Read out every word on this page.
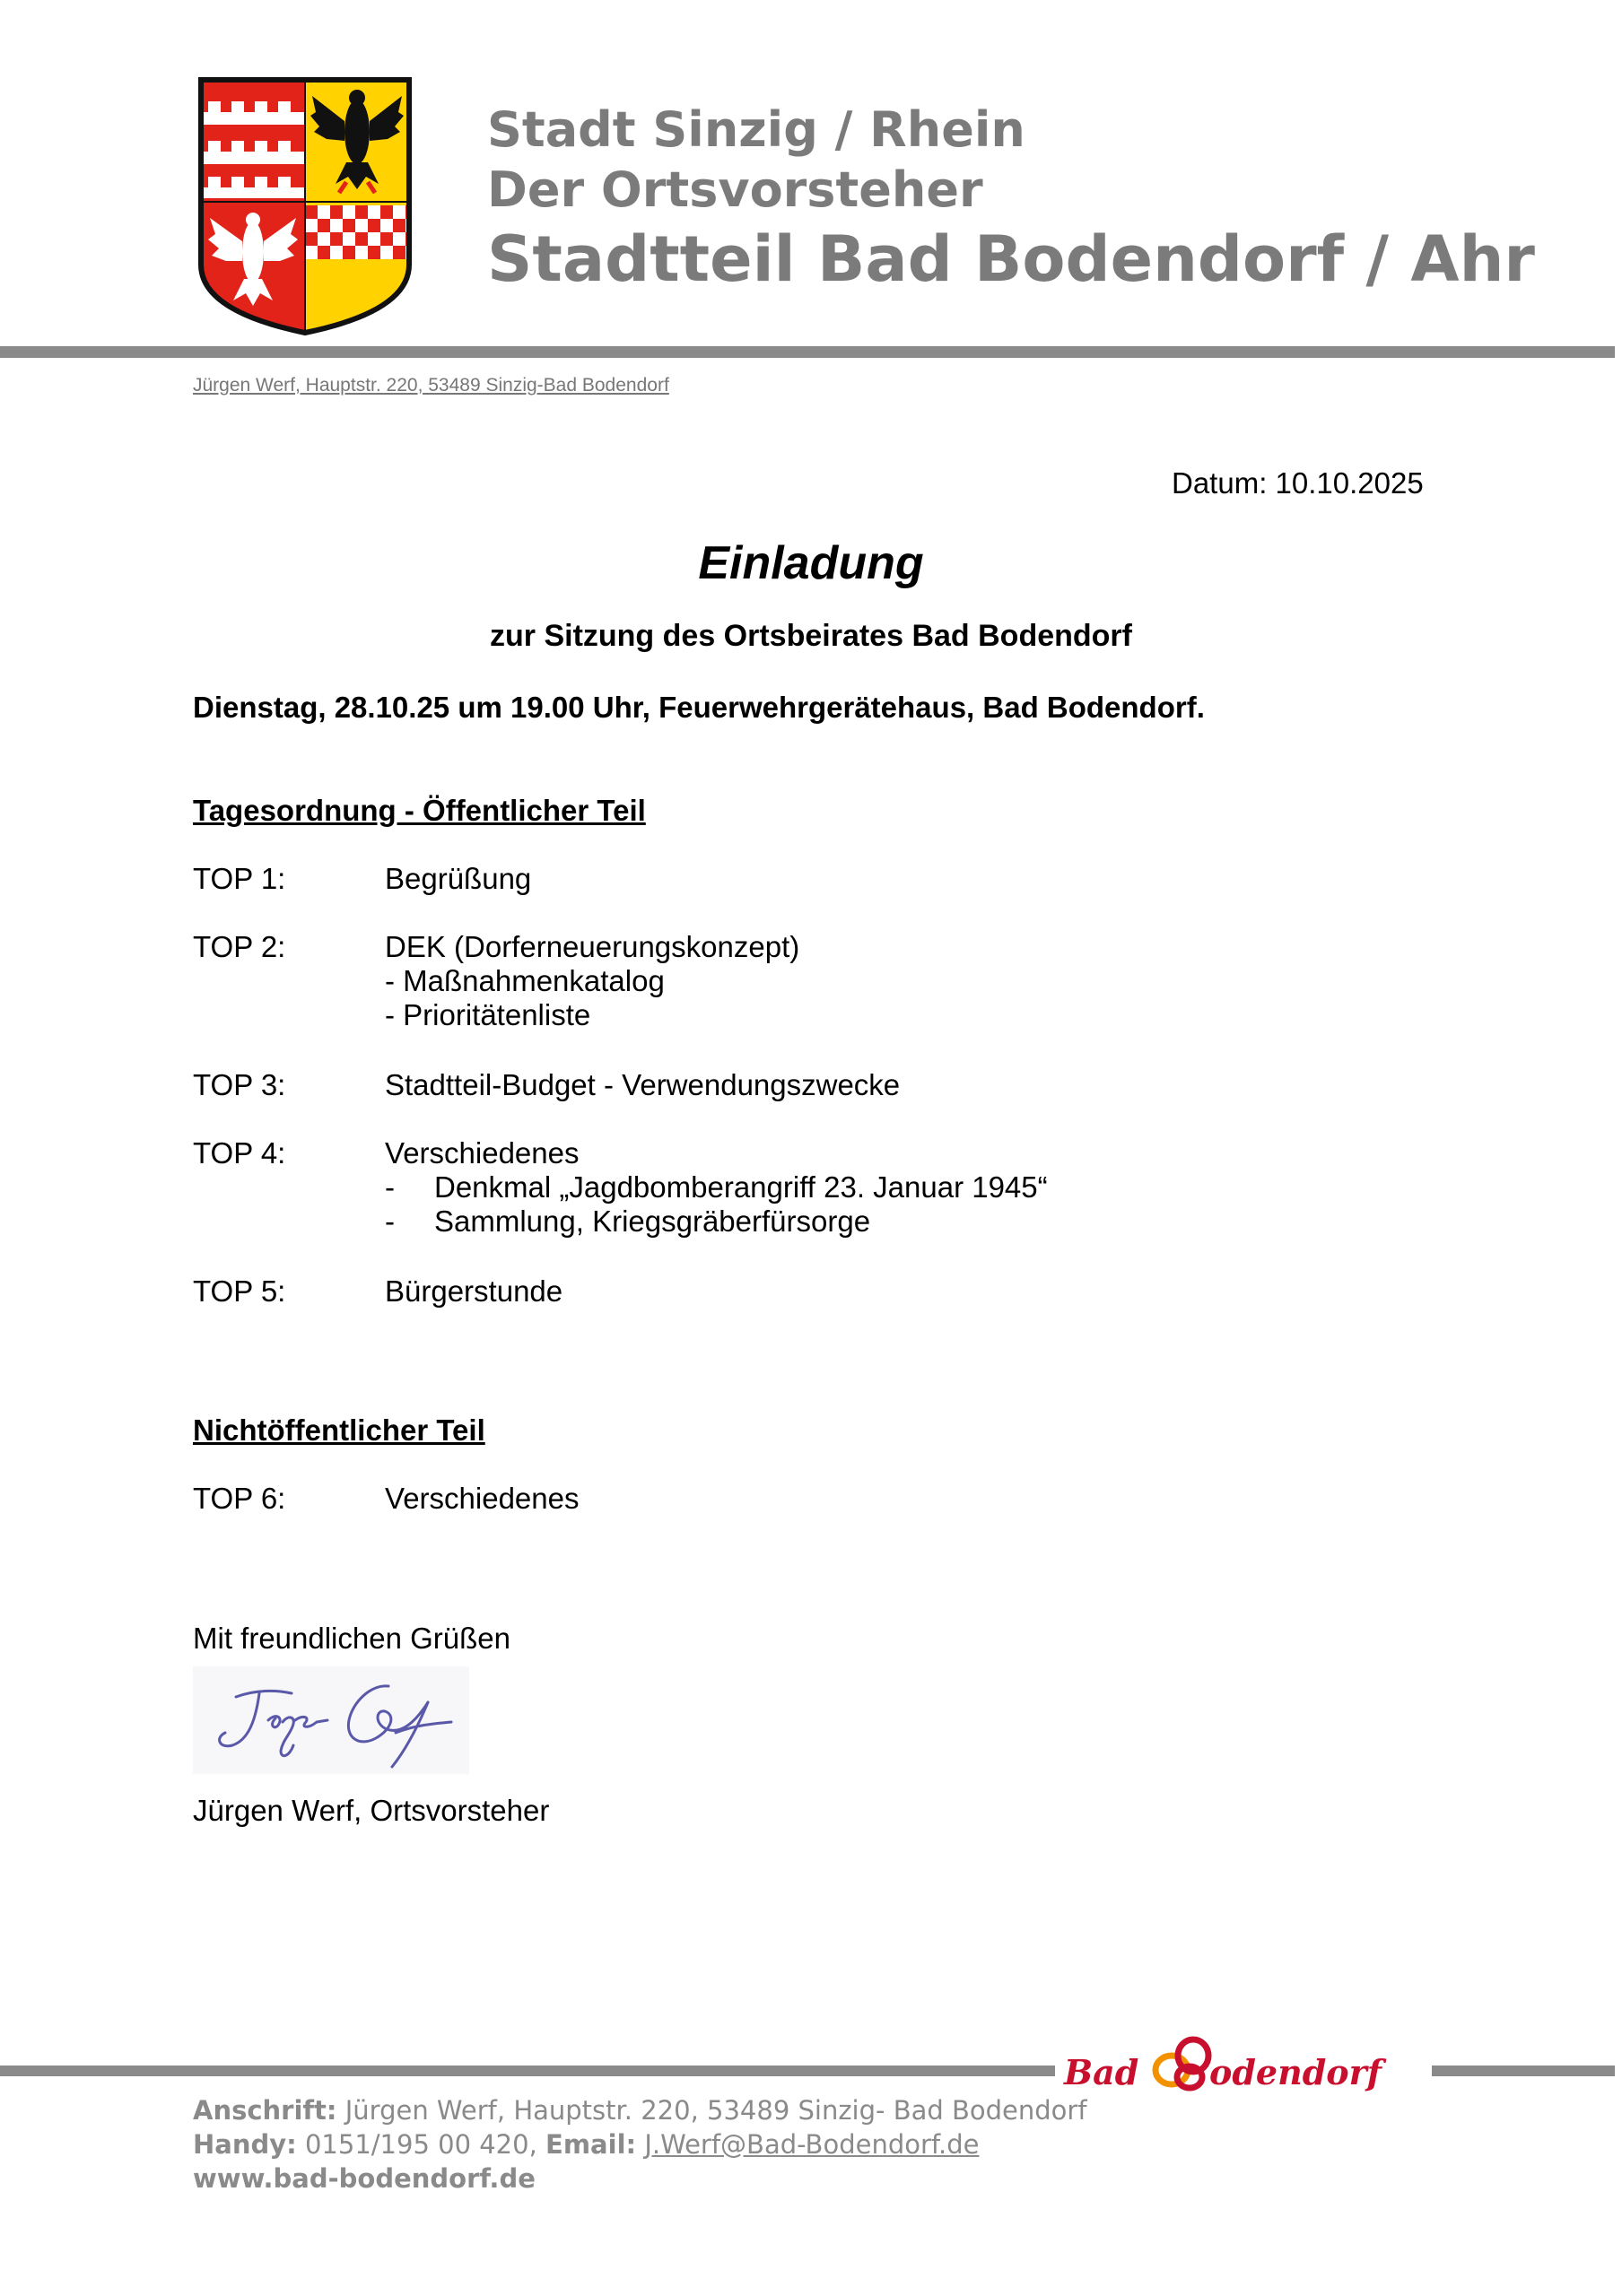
Stadt Sinzig / Rhein
Der Ortsvorsteher
Stadtteil Bad Bodendorf / Ahr
Jürgen Werf, Hauptstr. 220, 53489 Sinzig-Bad Bodendorf
Datum: 10.10.2025
Einladung
zur Sitzung des Ortsbeirates Bad Bodendorf
Dienstag, 28.10.25 um 19.00 Uhr, Feuerwehrgerätehaus, Bad Bodendorf.
Tagesordnung - Öffentlicher Teil
TOP 1:	Begrüßung
TOP 2:	DEK (Dorferneuerungskonzept)
- Maßnahmenkatalog
- Prioritätenliste
TOP 3:	Stadtteil-Budget - Verwendungszwecke
TOP 4:	Verschiedenes
- Denkmal „Jagdbomberangriff 23. Januar 1945“
- Sammlung, Kriegsgräberfürsorge
TOP 5:	Bürgerstunde
Nichtöffentlicher Teil
TOP 6:	Verschiedenes
Mit freundlichen Grüßen
Jürgen Werf, Ortsvorsteher
Bad odendorf
Anschrift: Jürgen Werf, Hauptstr. 220, 53489 Sinzig- Bad Bodendorf
Handy: 0151/195 00 420, Email: J.Werf@Bad-Bodendorf.de
www.bad-bodendorf.de
